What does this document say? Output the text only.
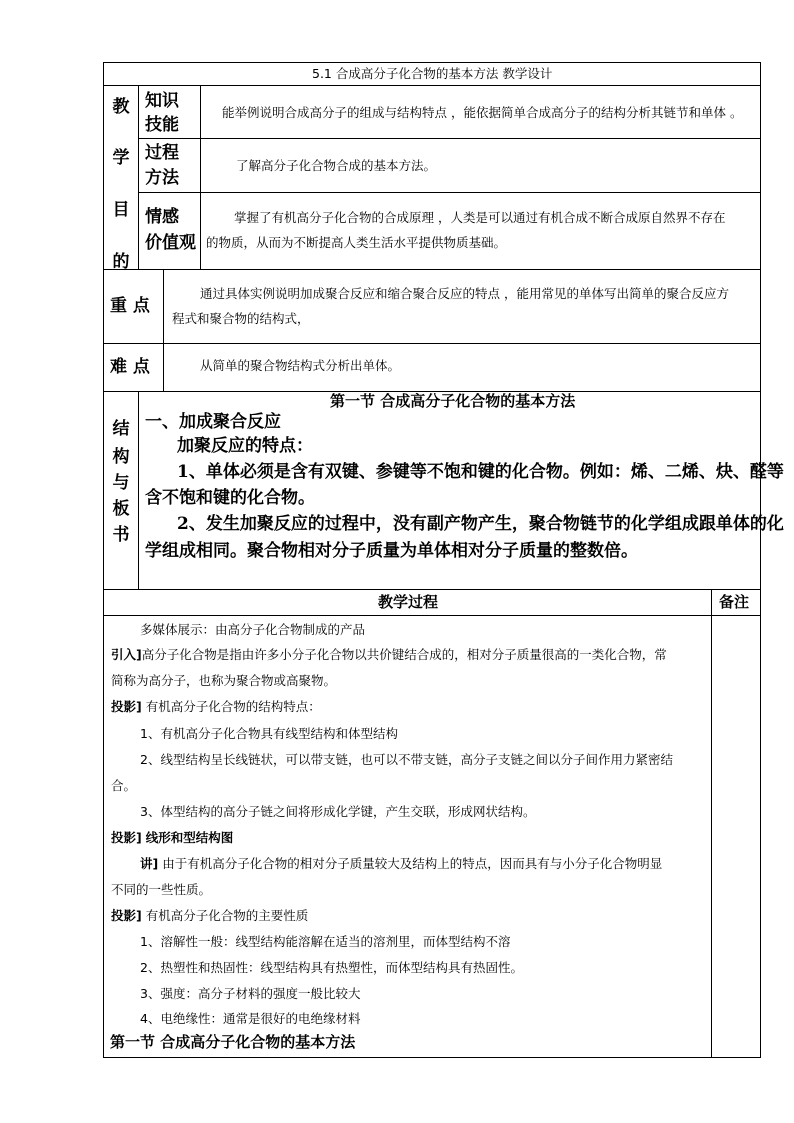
5.1 合成高分子化合物的基本方法 教学设计
教
学
目
的
知识
技能
能举例说明合成高分子的组成与结构特点 ，能依据简单合成高分子的结构分析其链节和单体 。
过程
方法
了解高分子化合物合成的基本方法。
情感
价值观
掌握了有机高分子化合物的合成原理 ，人类是可以通过有机合成不断合成原自然界不存在
的物质，从而为不断提高人类生活水平提供物质基础。
重 点
通过具体实例说明加成聚合反应和缩合聚合反应的特点 ，能用常见的单体写出简单的聚合反应方
程式和聚合物的结构式，
难 点	从简单的聚合物结构式分析出单体。
结
构
与
板
书
第一节 合成高分子化合物的基本方法
一、加成聚合反应
加聚反应的特点：
1、单体必须是含有双键、参键等不饱和键的化合物。例如：烯、二烯、炔、醛等
含不饱和键的化合物。
2、发生加聚反应的过程中，没有副产物产生，聚合物链节的化学组成跟单体的化
学组成相同。聚合物相对分子质量为单体相对分子质量的整数倍。
教学过程	备注
多媒体展示：由高分子化合物制成的产品
引入]高分子化合物是指由许多小分子化合物以共价键结合成的，相对分子质量很高的一类化合物，常
简称为高分子，也称为聚合物或高聚物。
投影] 有机高分子化合物的结构特点：
1、有机高分子化合物具有线型结构和体型结构
2、线型结构呈长线链状，可以带支链，也可以不带支链，高分子支链之间以分子间作用力紧密结
合。
3、体型结构的高分子链之间将形成化学键，产生交联，形成网状结构。
投影] 线形和型结构图
讲] 由于有机高分子化合物的相对分子质量较大及结构上的特点，因而具有与小分子化合物明显
不同的一些性质。
投影] 有机高分子化合物的主要性质
1、溶解性一般：线型结构能溶解在适当的溶剂里，而体型结构不溶
2、热塑性和热固性：线型结构具有热塑性，而体型结构具有热固性。
3、强度：高分子材料的强度一般比较大
4、电绝缘性：通常是很好的电绝缘材料
第一节 合成高分子化合物的基本方法
